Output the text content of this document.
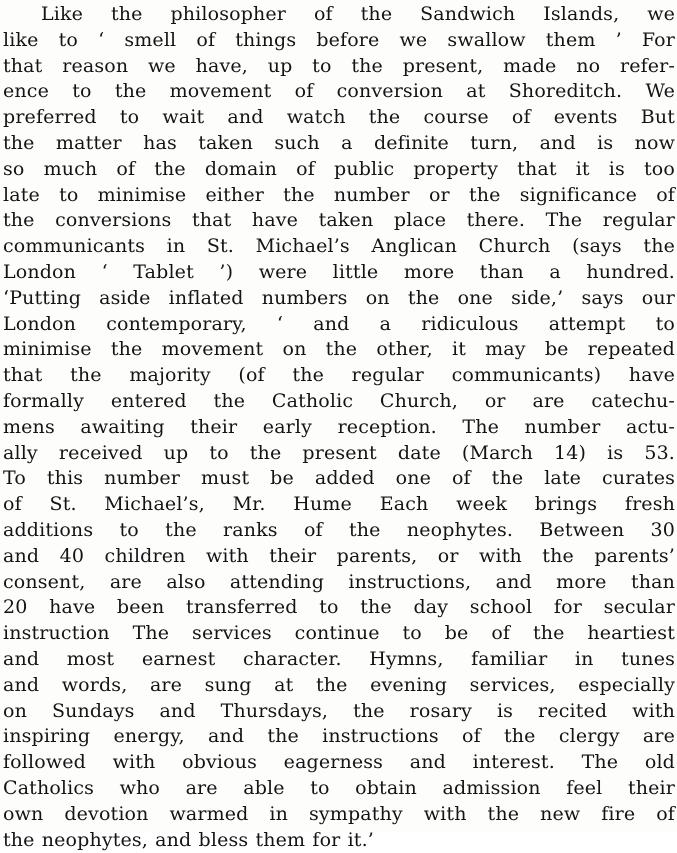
Like the philosopher of the Sandwich Islands, we
like to ‘ smell of things before we swallow them ’ For
that reason we have, up to the present, made no refer-
ence to the movement of conversion at Shoreditch. We
preferred to wait and watch the course of events But
the matter has taken such a definite turn, and is now
so much of the domain of public property that it is too
late to minimise either the number or the significance of
the conversions that have taken place there. The regular
communicants in St. Michael’s Anglican Church (says the
London ‘ Tablet ’) were little more than a hundred.
‘Putting aside inflated numbers on the one side,’ says our
London contemporary, ‘ and a ridiculous attempt to
minimise the movement on the other, it may be repeated
that the majority (of the regular communicants) have
formally entered the Catholic Church, or are catechu-
mens awaiting their early reception. The number actu-
ally received up to the present date (March 14) is 53.
To this number must be added one of the late curates
of St. Michael’s, Mr. Hume Each week brings fresh
additions to the ranks of the neophytes. Between 30
and 40 children with their parents, or with the parents’
consent, are also attending instructions, and more than
20 have been transferred to the day school for secular
instruction The services continue to be of the heartiest
and most earnest character. Hymns, familiar in tunes
and words, are sung at the evening services, especially
on Sundays and Thursdays, the rosary is recited with
inspiring energy, and the instructions of the clergy are
followed with obvious eagerness and interest. The old
Catholics who are able to obtain admission feel their
own devotion warmed in sympathy with the new fire of
the neophytes, and bless them for it.’
